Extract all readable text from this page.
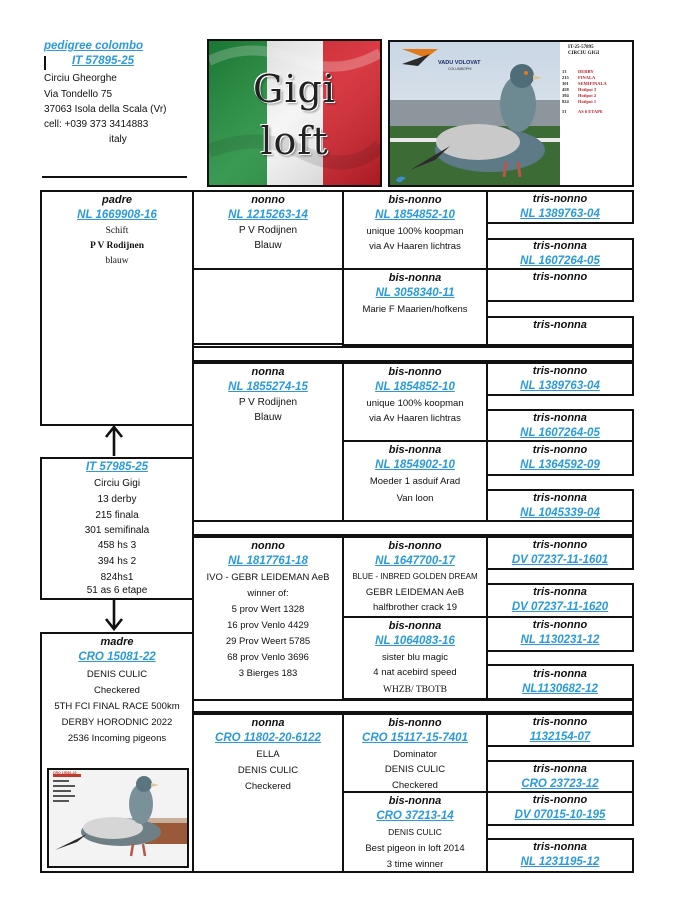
pedigree colombo
IT 57895-25
Circiu Gheorghe
Via Tondello 75
37063 Isola della Scala (Vr)
cell: +039 373 3414883
italy
Gigi
loft
VADU VOLOVAT
COLUMBOPHI
IT-25-57895
CIRCIU GIGI
13	DERBY
215 FINALA
301 SEMIFINALA
458 Hotlpot 3
394 Hotlpot 2
824 Hotlpot 1
51	AS 6 ETAPE
padre
NL 1669908-16
Schift
P V Rodijnen
blauw
IT 57985-25
Circiu Gigi
13 derby
215 finala
301 semifinala
458 hs 3
394 hs 2
824hs1
51 as 6 etape
madre
CRO 15081-22
DENIS CULIC
Checkered
5TH FCI FINAL RACE 500km
DERBY HORODNIC 2022
2536 Incoming pigeons
CRO 15081-22
nonno
NL 1215263-14
P V Rodijnen
Blauw
nonna
NL 1855274-15
P V Rodijnen
Blauw
nonno
NL 1817761-18
IVO - GEBR LEIDEMAN AeB
winner of:
5 prov Wert 1328
16 prov Venlo 4429
29 Prov Weert 5785
68 prov Venlo 3696
3 Bierges 183
nonna
CRO 11802-20-6122
ELLA
DENIS CULIC
Checkered
bis-nonno
NL 1854852-10
unique 100% koopman
via Av Haaren lichtras
bis-nonna
NL 3058340-11
Marie F Maarien/hofkens
bis-nonno
NL 1854852-10
unique 100% koopman
via Av Haaren lichtras
bis-nonna
NL 1854902-10
Moeder 1 asduif Arad
Van loon
bis-nonno
NL 1647700-17
BLUE - INBRED GOLDEN DREAM
GEBR LEIDEMAN AeB
halfbrother crack 19
bis-nonna
NL 1064083-16
sister blu magic
4 nat acebird speed
WHZB/ TBOTB
bis-nonno
CRO 15117-15-7401
Dominator
DENIS CULIC
Checkered
bis-nonna
CRO 37213-14
DENIS CULIC
Best pigeon in loft 2014
3 time winner
tris-nonno
NL 1389763-04
tris-nonna
NL 1607264-05
tris-nonno
tris-nonna
tris-nonno
NL 1389763-04
tris-nonna
NL 1607264-05
tris-nonno
NL 1364592-09
tris-nonna
NL 1045339-04
tris-nonno
DV 07237-11-1601
tris-nonna
DV 07237-11-1620
tris-nonno
NL 1130231-12
tris-nonna
NL1130682-12
tris-nonno
1132154-07
tris-nonna
CRO 23723-12
tris-nonno
DV 07015-10-195
tris-nonna
NL 1231195-12
